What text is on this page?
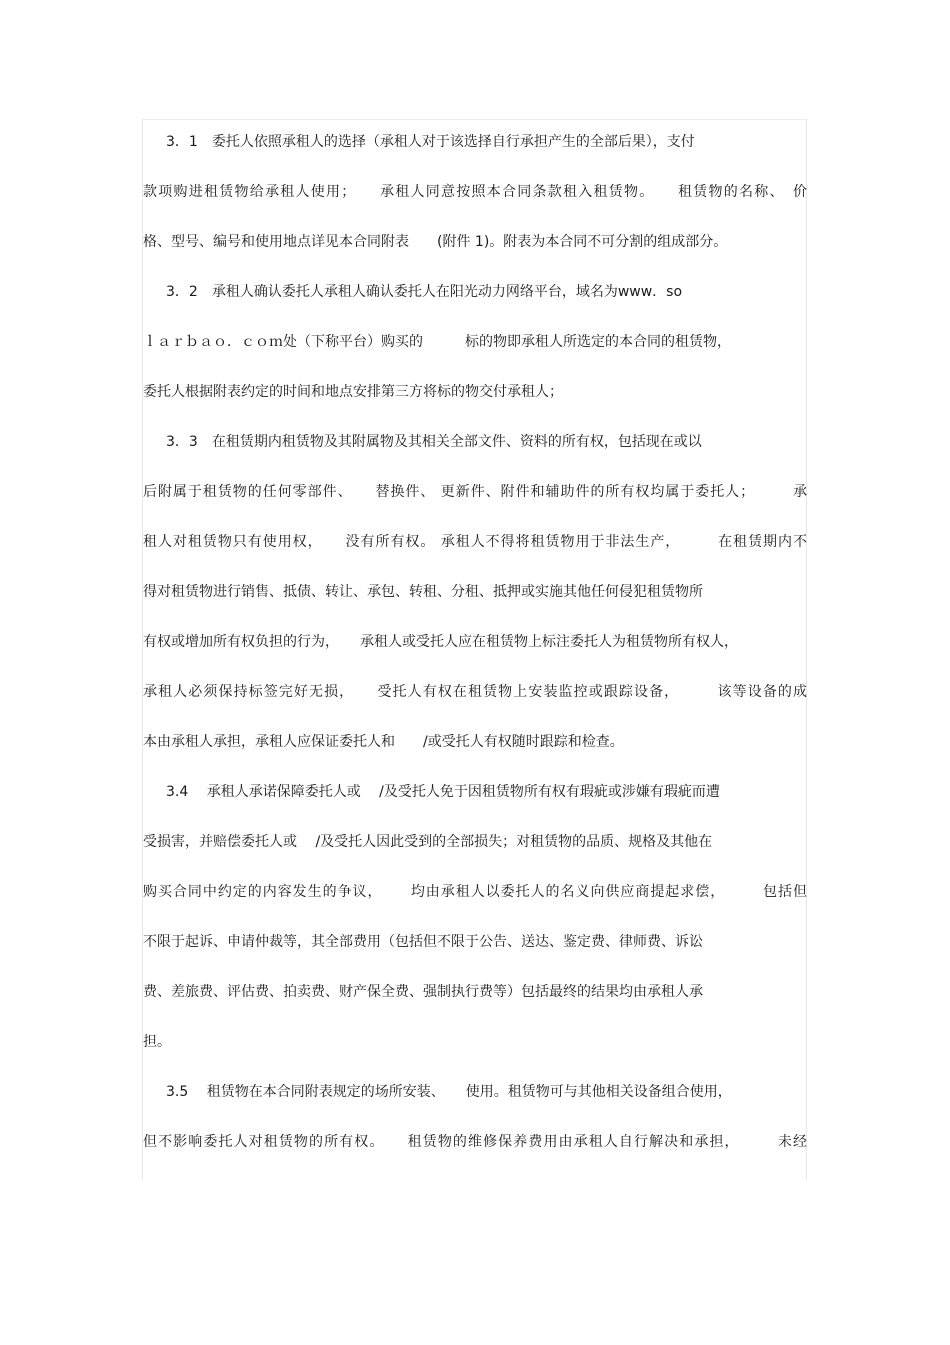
3．1　委托人依照承租人的选择（承租人对于该选择自行承担产生的全部后果），支付
款项购进租赁物给承租人使用；　　承租人同意按照本合同条款租入租赁物。　　租赁物的名称、　价
格、型号、编号和使用地点详见本合同附表　　(附件 1)。附表为本合同不可分割的组成部分。
3．2　承租人确认委托人承租人确认委托人在阳光动力网络平台，域名为www．so
ｌａｒｂａｏ．ｃｏｍ处（下称平台）购买的　　　标的物即承租人所选定的本合同的租赁物，
委托人根据附表约定的时间和地点安排第三方将标的物交付承租人；
3．3　在租赁期内租赁物及其附属物及其相关全部文件、资料的所有权，包括现在或以
后附属于租赁物的任何零部件、　　替换件、 更新件、附件和辅助件的所有权均属于委托人；　　　承
租人对租赁物只有使用权，　　没有所有权。 承租人不得将租赁物用于非法生产，　　　在租赁期内不
得对租赁物进行销售、抵债、转让、承包、转租、分租、抵押或实施其他任何侵犯租赁物所
有权或增加所有权负担的行为，　　承租人或受托人应在租赁物上标注委托人为租赁物所有权人，
承租人必须保持标签完好无损，　　受托人有权在租赁物上安装监控或跟踪设备，　　　该等设备的成
本由承租人承担，承租人应保证委托人和　　/或受托人有权随时跟踪和检查。
3.4　 承租人承诺保障委托人或　 /及受托人免于因租赁物所有权有瑕疵或涉嫌有瑕疵而遭
受损害，并赔偿委托人或　 /及受托人因此受到的全部损失；对租赁物的品质、规格及其他在
购买合同中约定的内容发生的争议，　　 均由承租人以委托人的名义向供应商提起求偿，　　　包括但
不限于起诉、申请仲裁等，其全部费用（包括但不限于公告、送达、鉴定费、律师费、诉讼
费、差旅费、评估费、拍卖费、财产保全费、强制执行费等）包括最终的结果均由承租人承
担。
3.5　 租赁物在本合同附表规定的场所安装、　　使用。租赁物可与其他相关设备组合使用，
但不影响委托人对租赁物的所有权。　　租赁物的维修保养费用由承租人自行解决和承担，　　　未经
